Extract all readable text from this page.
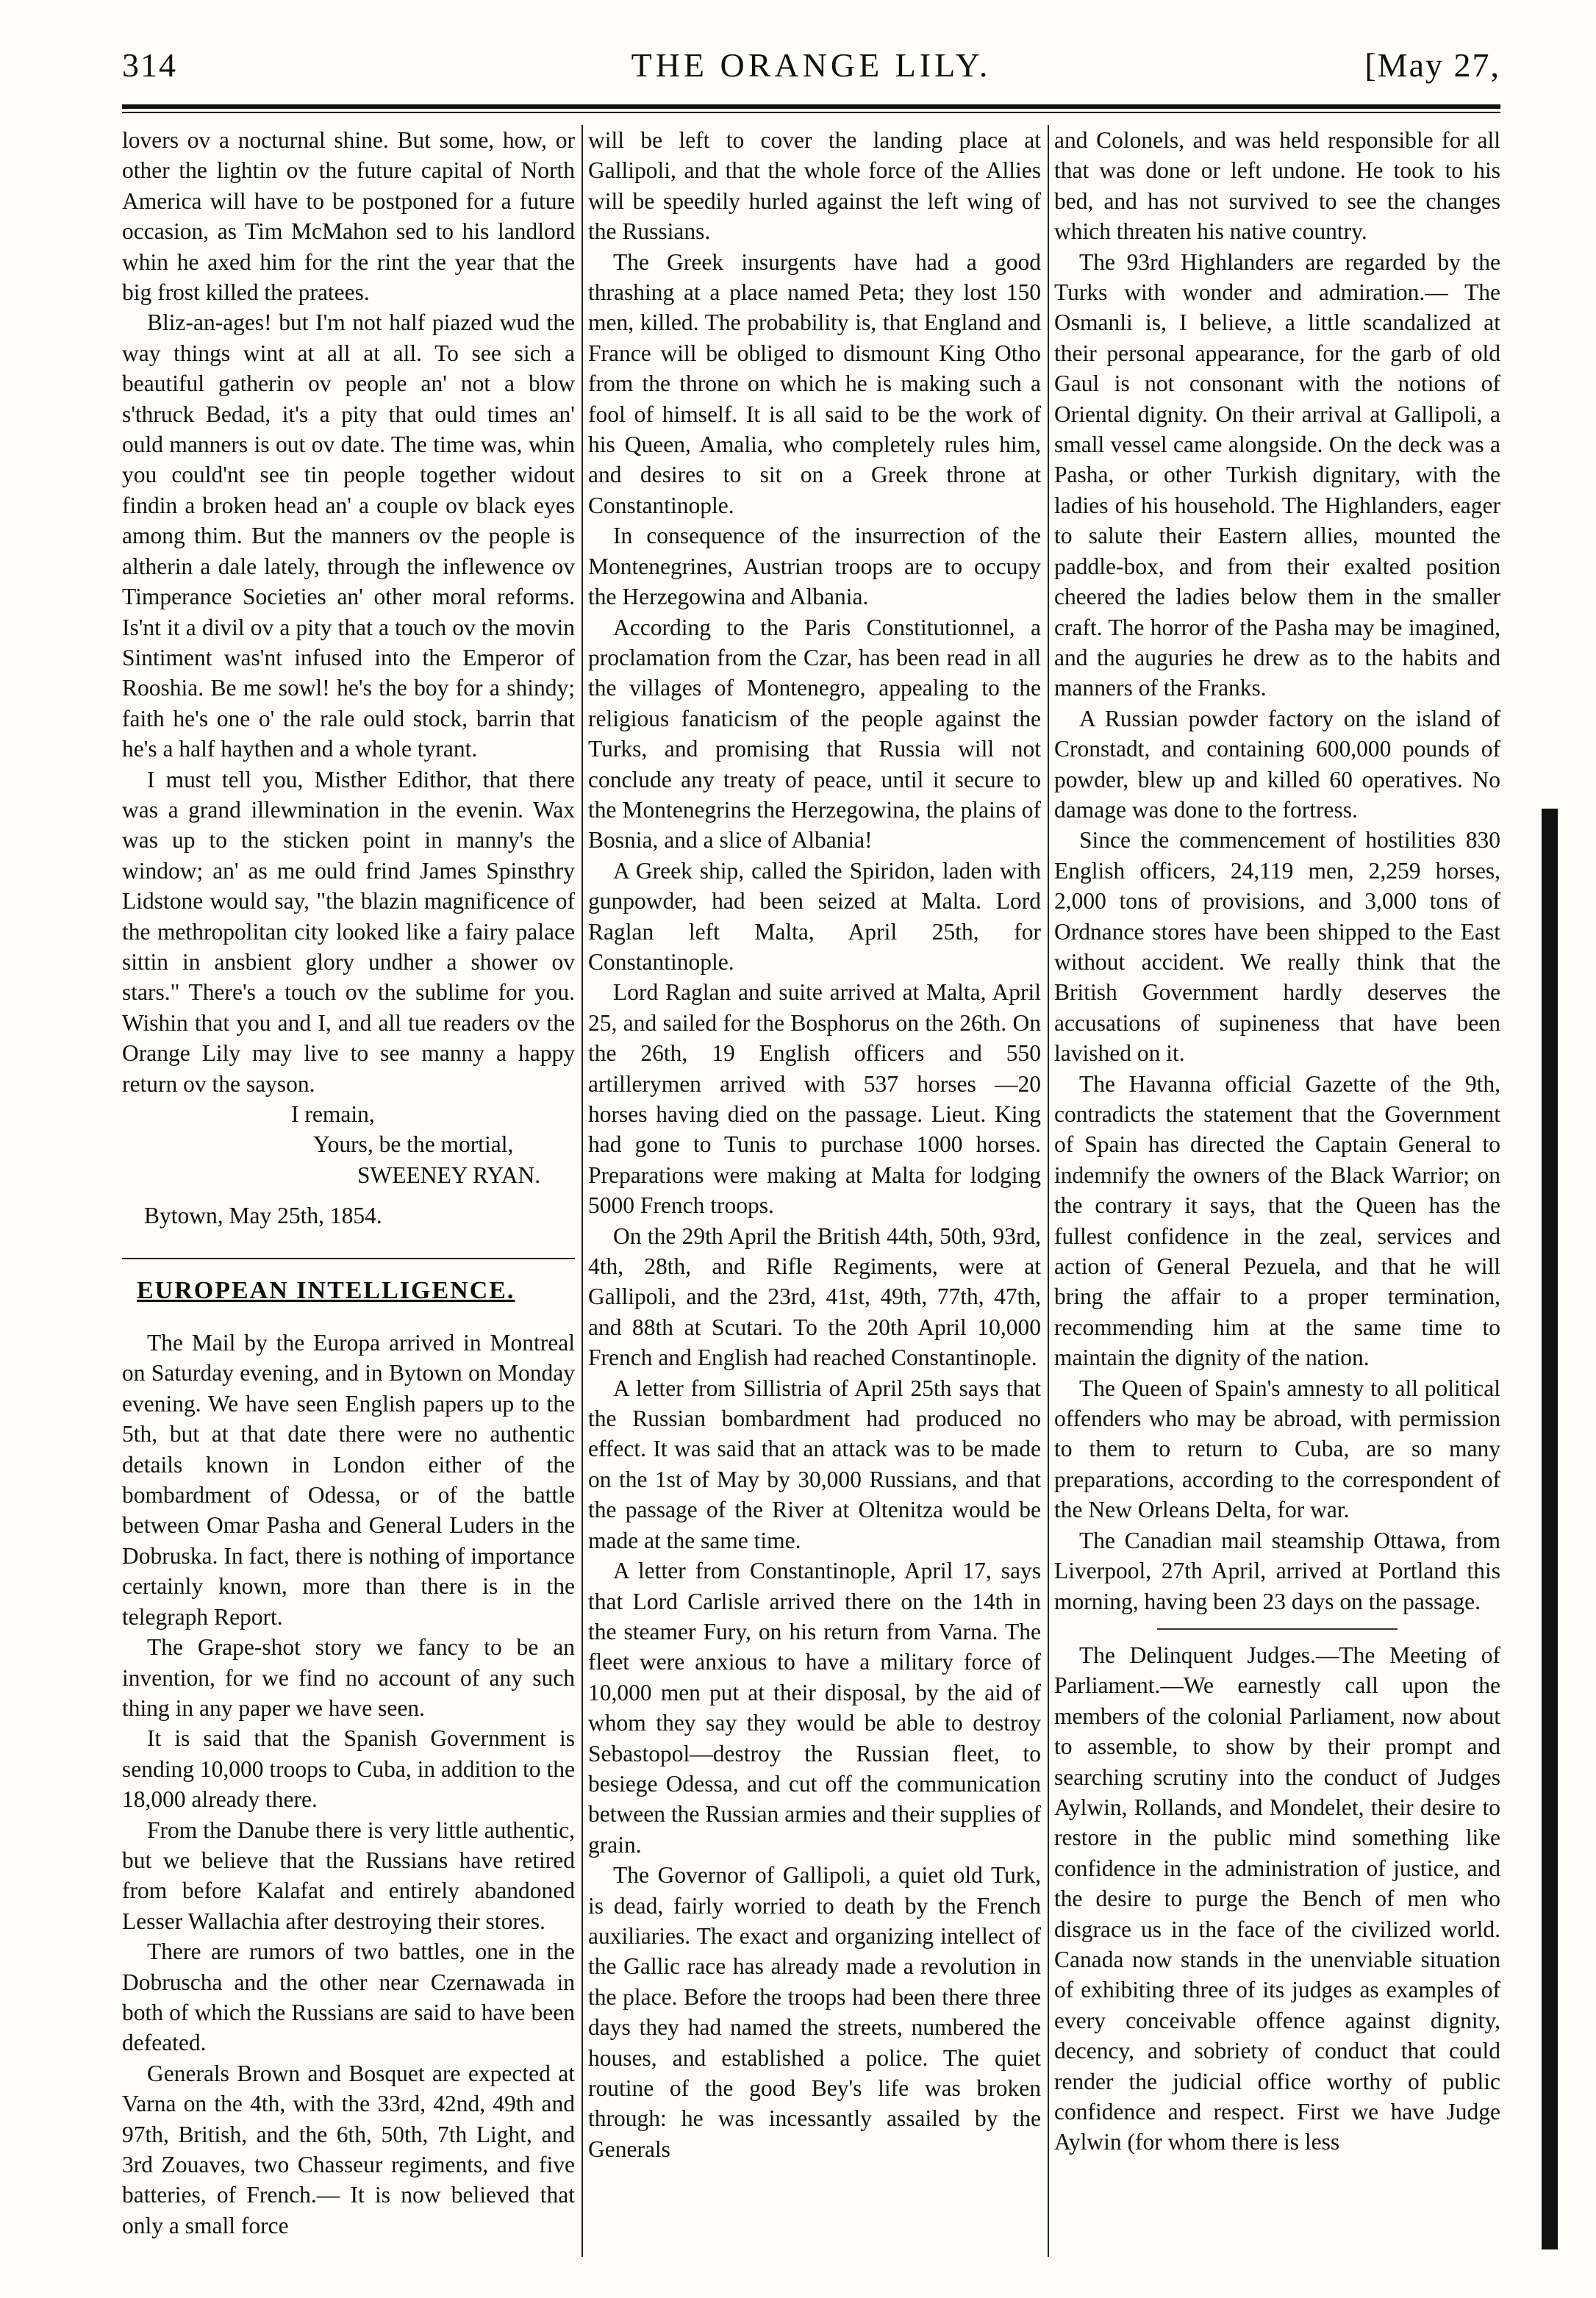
314	THE ORANGE LILY.	[May 27,

lovers ov a nocturnal shine. But some, how, or other the lightin ov the future capital of North America will have to be postponed for a future occasion, as Tim McMahon sed to his landlord whin he axed him for the rint the year that the big frost killed the pratees.

Bliz-an-ages! but I'm not half piazed wud the way things wint at all at all. To see sich a beautiful gatherin ov people an' not a blow s'thruck Bedad, it's a pity that ould times an' ould manners is out ov date. The time was, whin you could'nt see tin people together widout findin a broken head an' a couple ov black eyes among thim. But the manners ov the people is altherin a dale lately, through the inflewence ov Timperance Societies an' other moral reforms. Is'nt it a divil ov a pity that a touch ov the movin Sintiment was'nt infused into the Emperor of Rooshia. Be me sowl! he's the boy for a shindy; faith he's one o' the rale ould stock, barrin that he's a half haythen and a whole tyrant.

I must tell you, Misther Edithor, that there was a grand illewmination in the evenin. Wax was up to the sticken point in manny's the window; an' as me ould frind James Spinsthry Lidstone would say, "the blazin magnificence of the methropolitan city looked like a fairy palace sittin in ansbient glory undher a shower ov stars." There's a touch ov the sublime for you. Wishin that you and I, and all tue readers ov the Orange Lily may live to see manny a happy return ov the sayson.

I remain,
Yours, be the mortial,
SWEENEY RYAN.
Bytown, May 25th, 1854.
EUROPEAN INTELLIGENCE.

The Mail by the Europa arrived in Montreal on Saturday evening, and in Bytown on Monday evening. We have seen English papers up to the 5th, but at that date there were no authentic details known in London either of the bombardment of Odessa, or of the battle between Omar Pasha and General Luders in the Dobruska. In fact, there is nothing of importance certainly known, more than there is in the telegraph Report.

The Grape-shot story we fancy to be an invention, for we find no account of any such thing in any paper we have seen.

It is said that the Spanish Government is sending 10,000 troops to Cuba, in addition to the 18,000 already there.

From the Danube there is very little authentic, but we believe that the Russians have retired from before Kalafat and entirely abandoned Lesser Wallachia after destroying their stores.

There are rumors of two battles, one in the Dobruscha and the other near Czernawada in both of which the Russians are said to have been defeated.

Generals Brown and Bosquet are expected at Varna on the 4th, with the 33rd, 42nd, 49th and 97th, British, and the 6th, 50th, 7th Light, and 3rd Zouaves, two Chasseur regiments, and five batteries, of French.— It is now believed that only a small force

will be left to cover the landing place at Gallipoli, and that the whole force of the Allies will be speedily hurled against the left wing of the Russians.

The Greek insurgents have had a good thrashing at a place named Peta; they lost 150 men, killed. The probability is, that England and France will be obliged to dismount King Otho from the throne on which he is making such a fool of himself. It is all said to be the work of his Queen, Amalia, who completely rules him, and desires to sit on a Greek throne at Constantinople.

In consequence of the insurrection of the Montenegrines, Austrian troops are to occupy the Herzegowina and Albania.

According to the Paris Constitutionnel, a proclamation from the Czar, has been read in all the villages of Montenegro, appealing to the religious fanaticism of the people against the Turks, and promising that Russia will not conclude any treaty of peace, until it secure to the Montenegrins the Herzegowina, the plains of Bosnia, and a slice of Albania!

A Greek ship, called the Spiridon, laden with gunpowder, had been seized at Malta. Lord Raglan left Malta, April 25th, for Constantinople.

Lord Raglan and suite arrived at Malta, April 25, and sailed for the Bosphorus on the 26th. On the 26th, 19 English officers and 550 artillerymen arrived with 537 horses —20 horses having died on the passage. Lieut. King had gone to Tunis to purchase 1000 horses. Preparations were making at Malta for lodging 5000 French troops.

On the 29th April the British 44th, 50th, 93rd, 4th, 28th, and Rifle Regiments, were at Gallipoli, and the 23rd, 41st, 49th, 77th, 47th, and 88th at Scutari. To the 20th April 10,000 French and English had reached Constantinople.

A letter from Sillistria of April 25th says that the Russian bombardment had produced no effect. It was said that an attack was to be made on the 1st of May by 30,000 Russians, and that the passage of the River at Oltenitza would be made at the same time.

A letter from Constantinople, April 17, says that Lord Carlisle arrived there on the 14th in the steamer Fury, on his return from Varna. The fleet were anxious to have a military force of 10,000 men put at their disposal, by the aid of whom they say they would be able to destroy Sebastopol—destroy the Russian fleet, to besiege Odessa, and cut off the communication between the Russian armies and their supplies of grain.

The Governor of Gallipoli, a quiet old Turk, is dead, fairly worried to death by the French auxiliaries. The exact and organizing intellect of the Gallic race has already made a revolution in the place. Before the troops had been there three days they had named the streets, numbered the houses, and established a police. The quiet routine of the good Bey's life was broken through: he was incessantly assailed by the Generals

and Colonels, and was held responsible for all that was done or left undone. He took to his bed, and has not survived to see the changes which threaten his native country.

The 93rd Highlanders are regarded by the Turks with wonder and admiration.— The Osmanli is, I believe, a little scandalized at their personal appearance, for the garb of old Gaul is not consonant with the notions of Oriental dignity. On their arrival at Gallipoli, a small vessel came alongside. On the deck was a Pasha, or other Turkish dignitary, with the ladies of his household. The Highlanders, eager to salute their Eastern allies, mounted the paddle-box, and from their exalted position cheered the ladies below them in the smaller craft. The horror of the Pasha may be imagined, and the auguries he drew as to the habits and manners of the Franks.

A Russian powder factory on the island of Cronstadt, and containing 600,000 pounds of powder, blew up and killed 60 operatives. No damage was done to the fortress.

Since the commencement of hostilities 830 English officers, 24,119 men, 2,259 horses, 2,000 tons of provisions, and 3,000 tons of Ordnance stores have been shipped to the East without accident. We really think that the British Government hardly deserves the accusations of supineness that have been lavished on it.

The Havanna official Gazette of the 9th, contradicts the statement that the Government of Spain has directed the Captain General to indemnify the owners of the Black Warrior; on the contrary it says, that the Queen has the fullest confidence in the zeal, services and action of General Pezuela, and that he will bring the affair to a proper termination, recommending him at the same time to maintain the dignity of the nation.

The Queen of Spain's amnesty to all political offenders who may be abroad, with permission to them to return to Cuba, are so many preparations, according to the correspondent of the New Orleans Delta, for war.

The Canadian mail steamship Ottawa, from Liverpool, 27th April, arrived at Portland this morning, having been 23 days on the passage.

The Delinquent Judges.—The Meeting of Parliament.—We earnestly call upon the members of the colonial Parliament, now about to assemble, to show by their prompt and searching scrutiny into the conduct of Judges Aylwin, Rollands, and Mondelet, their desire to restore in the public mind something like confidence in the administration of justice, and the desire to purge the Bench of men who disgrace us in the face of the civilized world. Canada now stands in the unenviable situation of exhibiting three of its judges as examples of every conceivable offence against dignity, decency, and sobriety of conduct that could render the judicial office worthy of public confidence and respect. First we have Judge Aylwin (for whom there is less
